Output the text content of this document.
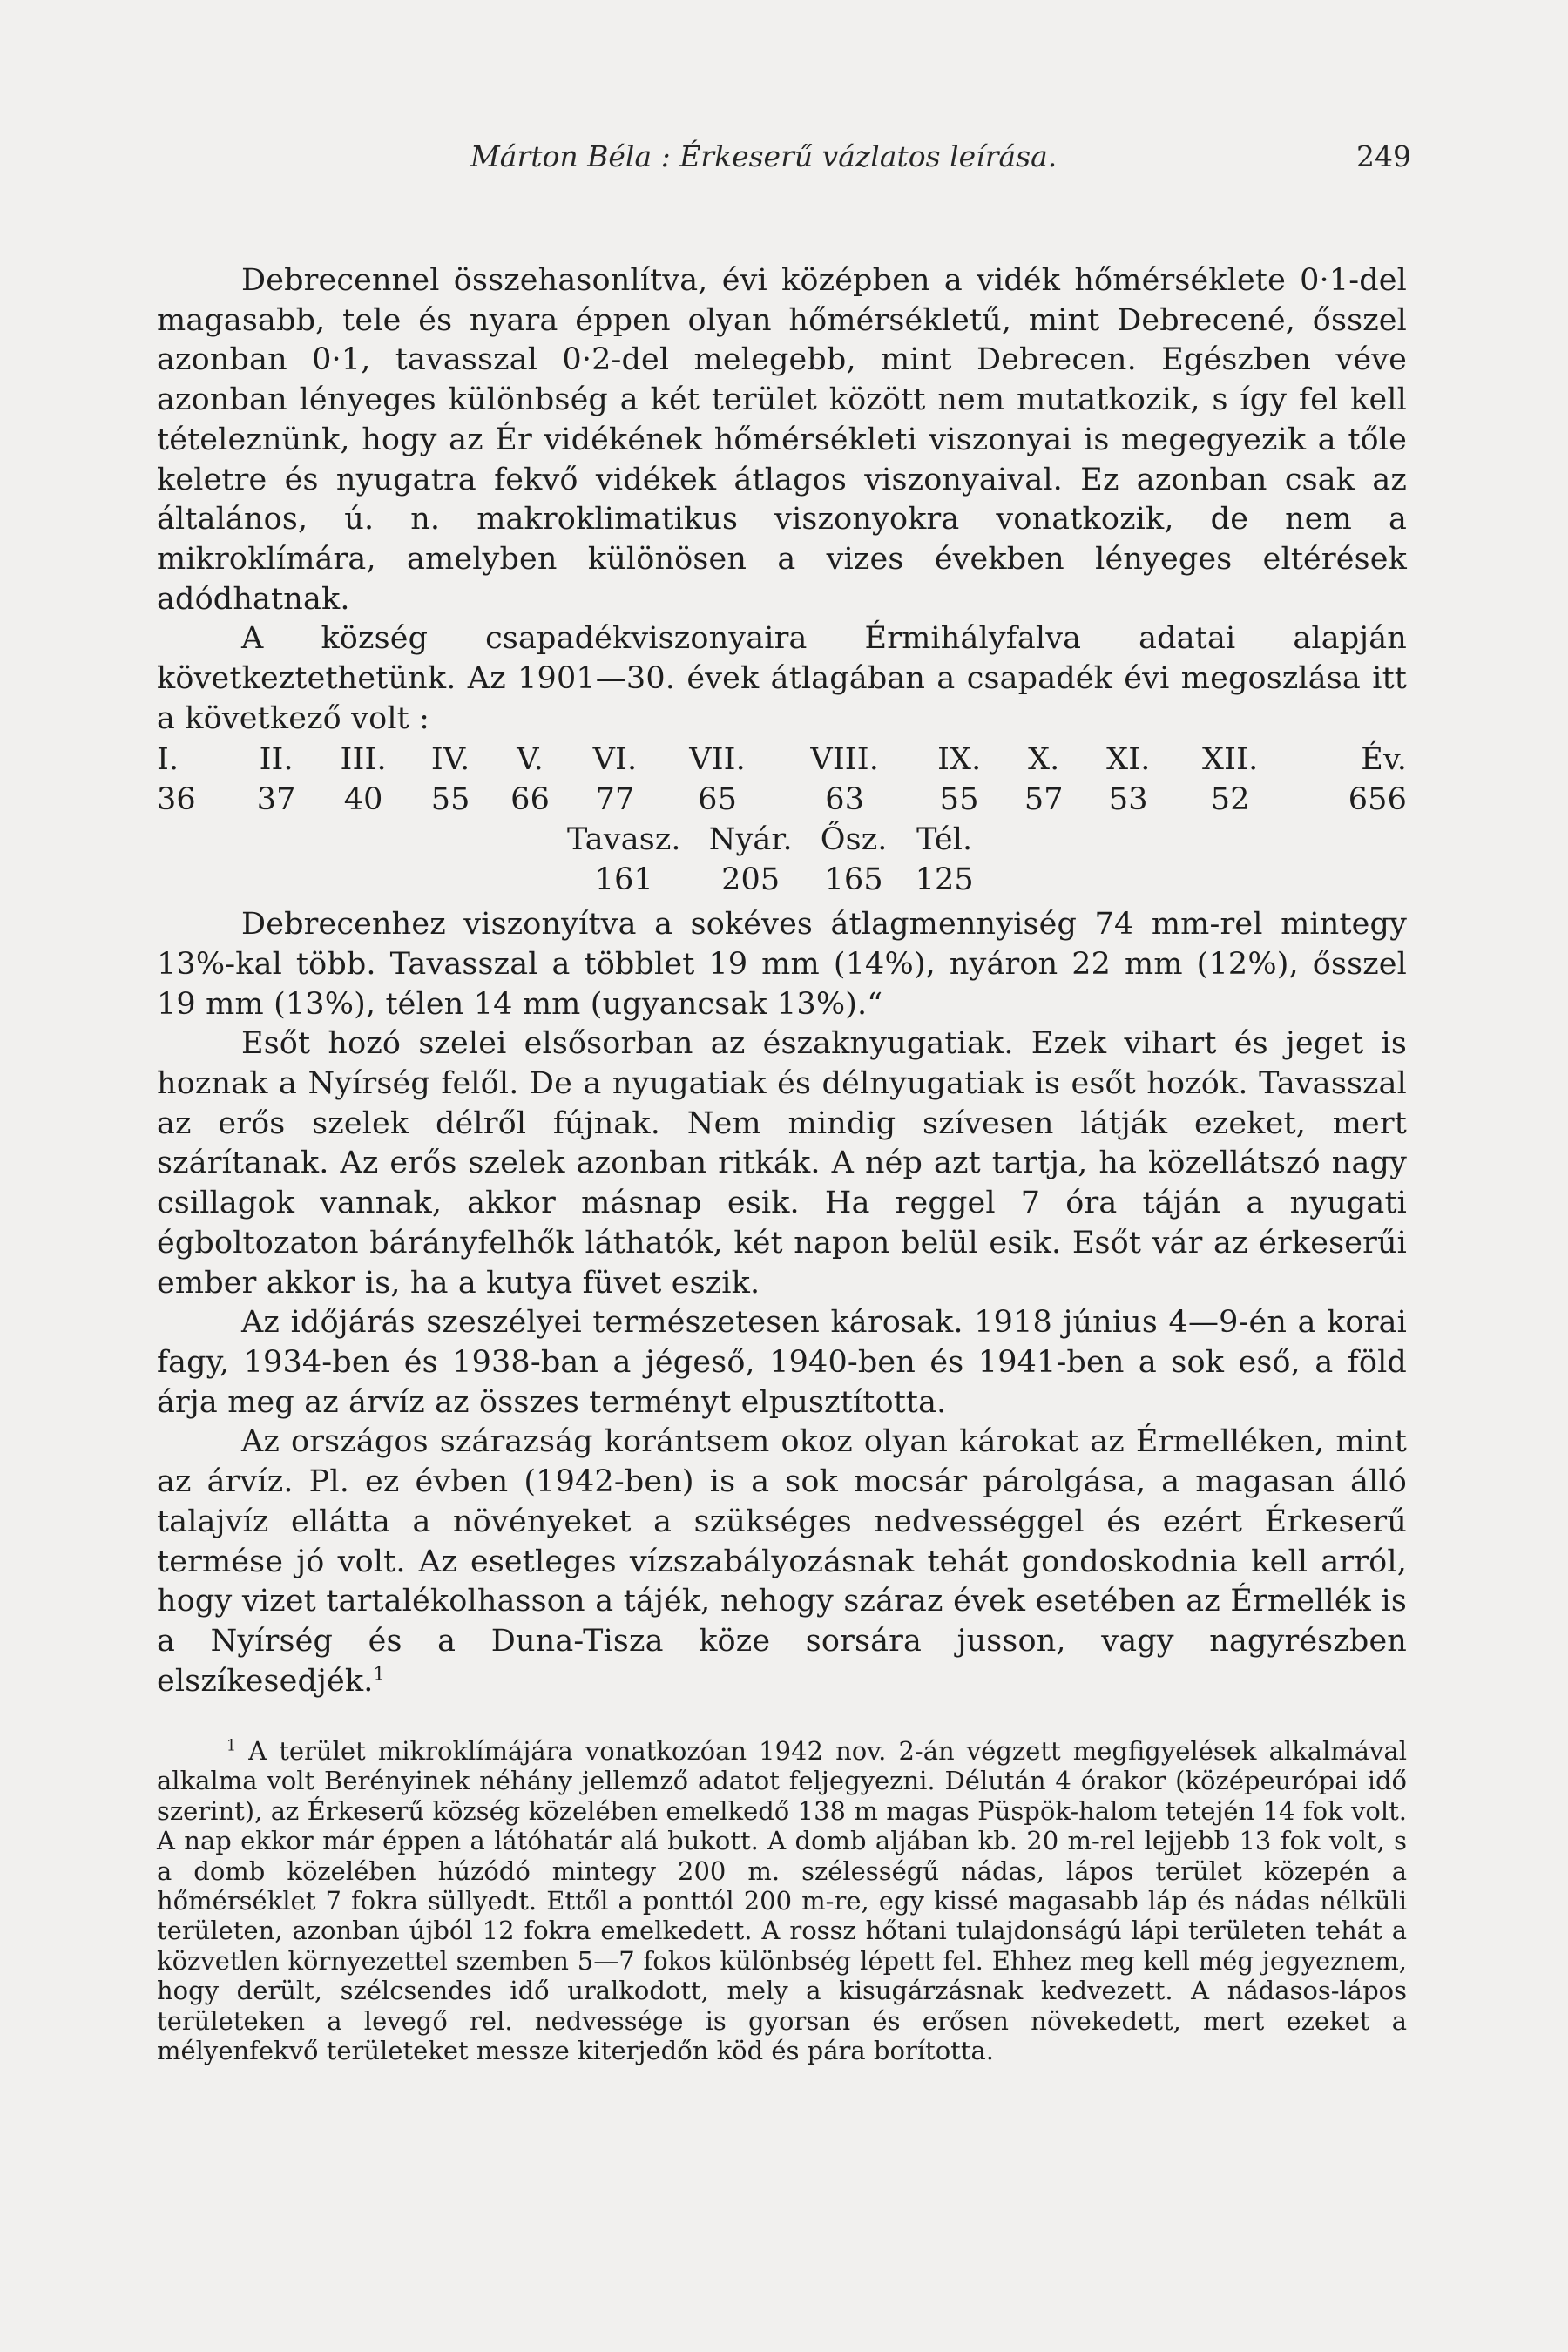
Márton Béla : Érkeserű vázlatos leírása.	249

Debrecennel összehasonlítva, évi középben a vidék hőmérséklete 0·1-del magasabb, tele és nyara éppen olyan hőmérsékletű, mint Debrecené, ősszel azonban 0·1, tavasszal 0·2-del melegebb, mint Debrecen. Egészben véve azonban lényeges különbség a két terület között nem mutatkozik, s így fel kell tételeznünk, hogy az Ér vidékének hőmérsékleti viszonyai is megegyezik a tőle keletre és nyugatra fekvő vidékek átlagos viszonyaival. Ez azonban csak az általános, ú. n. makroklimatikus viszonyokra vonatkozik, de nem a mikroklímára, amelyben különösen a vizes években lényeges eltérések adódhatnak.

A község csapadékviszonyaira Érmihályfalva adatai alapján következtethetünk. Az 1901—30. évek átlagában a csapadék évi megoszlása itt a következő volt :

I.	II.	III.	IV.	V.	VI.	VII.	VIII.	IX.	X.	XI.	XII.	Év.
36	37	40	55	66	77	65	63	55	57	53	52	656
Tavasz.	Nyár.	Ősz.	Tél.
161	205	165	125

Debrecenhez viszonyítva a sokéves átlagmennyiség 74 mm-rel mintegy 13%-kal több. Tavasszal a többlet 19 mm (14%), nyáron 22 mm (12%), ősszel 19 mm (13%), télen 14 mm (ugyancsak 13%).“

Esőt hozó szelei elsősorban az északnyugatiak. Ezek vihart és jeget is hoznak a Nyírség felől. De a nyugatiak és délnyugatiak is esőt hozók. Tavasszal az erős szelek délről fújnak. Nem mindig szívesen látják ezeket, mert szárítanak. Az erős szelek azonban ritkák. A nép azt tartja, ha közellátszó nagy csillagok vannak, akkor másnap esik. Ha reggel 7 óra táján a nyugati égboltozaton bárányfelhők láthatók, két napon belül esik. Esőt vár az érkeserűi ember akkor is, ha a kutya füvet eszik.

Az időjárás szeszélyei természetesen károsak. 1918 június 4—9-én a korai fagy, 1934-ben és 1938-ban a jégeső, 1940-ben és 1941-ben a sok eső, a föld árja meg az árvíz az összes terményt elpusztította.

Az országos szárazság korántsem okoz olyan károkat az Érmelléken, mint az árvíz. Pl. ez évben (1942-ben) is a sok mocsár párolgása, a magasan álló talajvíz ellátta a növényeket a szükséges nedvességgel és ezért Érkeserű termése jó volt. Az esetleges vízszabályozásnak tehát gondoskodnia kell arról, hogy vizet tartalékolhasson a tájék, nehogy száraz évek esetében az Érmellék is a Nyírség és a Duna-Tisza köze sorsára jusson, vagy nagyrészben elszíkesedjék.$^1$

$^1$ A terület mikroklímájára vonatkozóan 1942 nov. 2-án végzett megfigyelések alkalmával alkalma volt Berényinek néhány jellemző adatot feljegyezni. Délután 4 órakor (középeurópai idő szerint), az Érkeserű község közelében emelkedő 138 m magas Püspök-halom tetején 14 fok volt. A nap ekkor már éppen a látóhatár alá bukott. A domb aljában kb. 20 m-rel lejjebb 13 fok volt, s a domb közelében húzódó mintegy 200 m. szélességű nádas, lápos terület közepén a hőmérséklet 7 fokra süllyedt. Ettől a ponttól 200 m-re, egy kissé magasabb láp és nádas nélküli területen, azonban újból 12 fokra emelkedett. A rossz hőtani tulajdonságú lápi területen tehát a közvetlen környezettel szemben 5—7 fokos különbség lépett fel. Ehhez meg kell még jegyeznem, hogy derült, szélcsendes idő uralkodott, mely a kisugárzásnak kedvezett. A nádasos-lápos területeken a levegő rel. nedvessége is gyorsan és erősen növekedett, mert ezeket a mélyenfekvő területeket messze kiterjedőn köd és pára borította.
